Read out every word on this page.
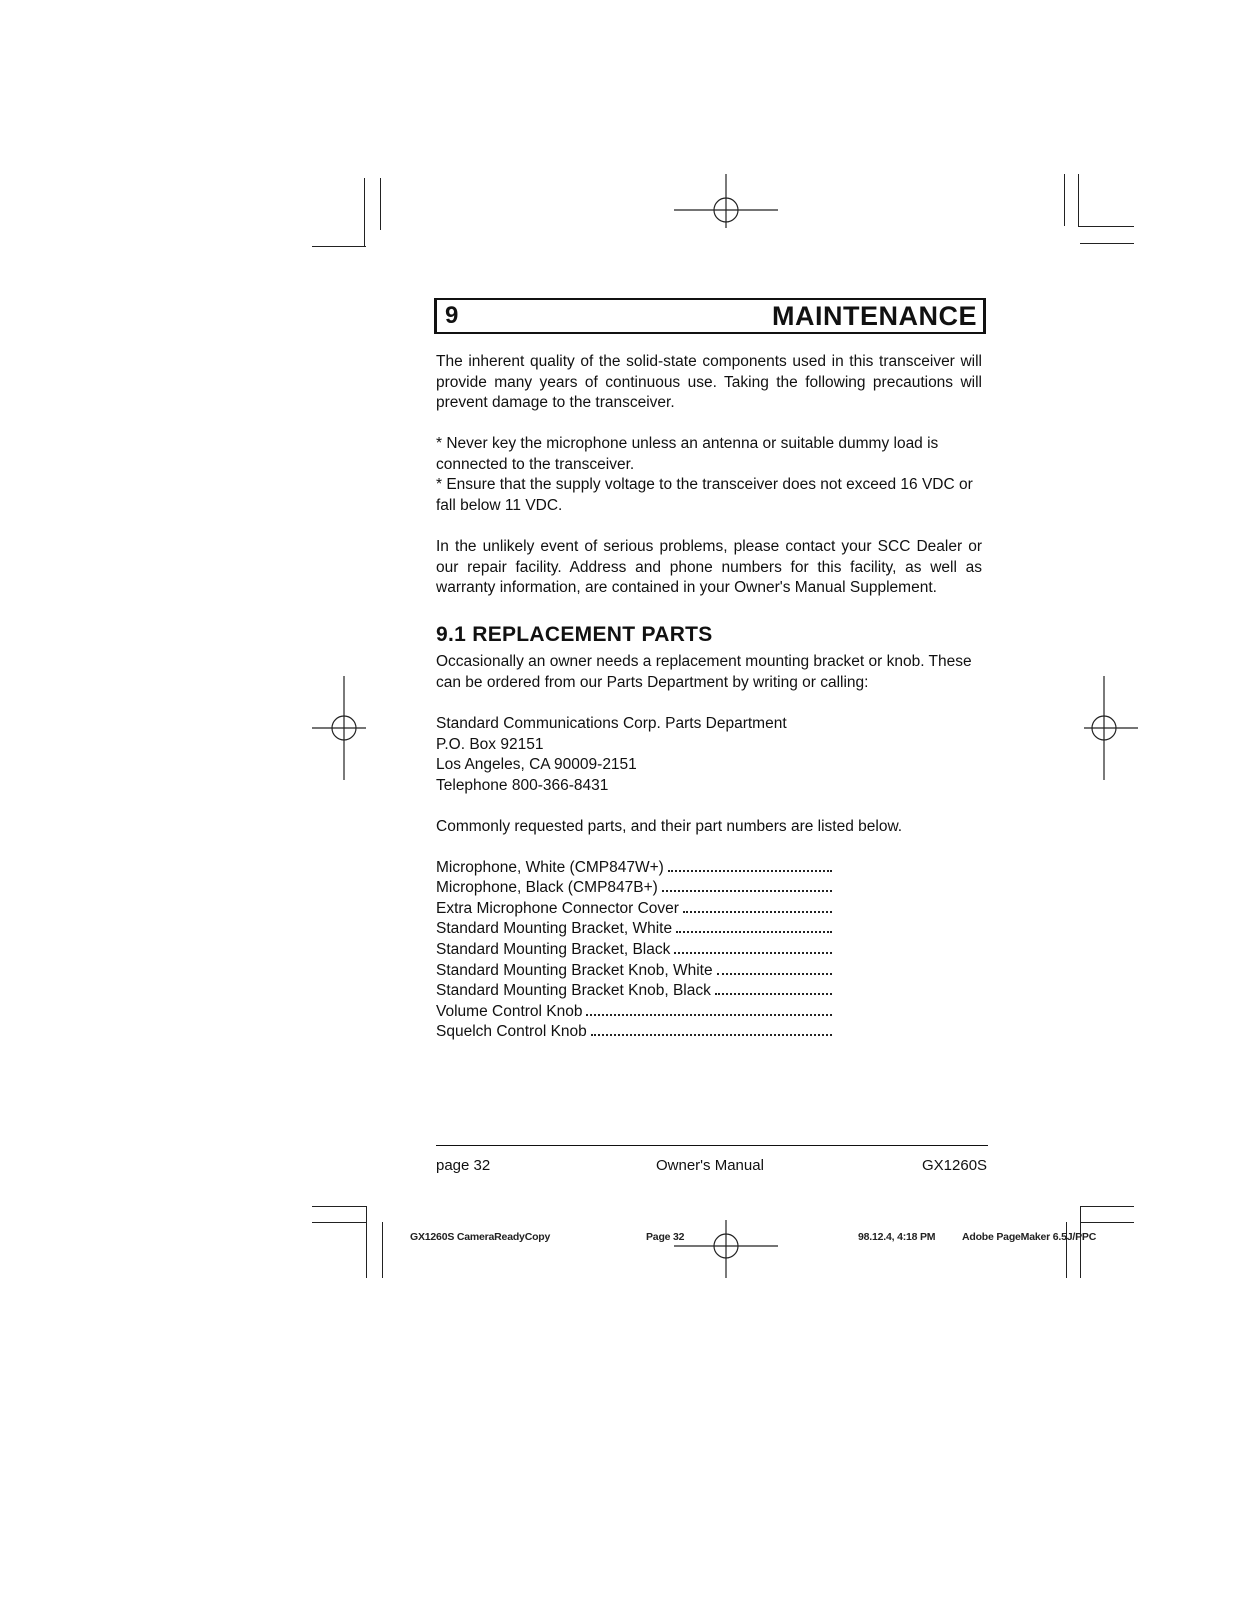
9	MAINTENANCE
The inherent quality of the solid-state components used in this transceiver will provide many years of continuous use. Taking the following precautions will prevent damage to the transceiver.
* Never key the microphone unless an antenna or suitable dummy load is connected to the transceiver.
* Ensure that the supply voltage to the transceiver does not exceed 16 VDC or fall below 11 VDC.
In the unlikely event of serious problems, please contact your SCC Dealer or our repair facility. Address and phone numbers for this facility, as well as warranty information, are contained in your Owner's Manual Supplement.
9.1 REPLACEMENT PARTS
Occasionally an owner needs a replacement mounting bracket or knob. These can be ordered from our Parts Department by writing or calling:
Standard Communications Corp. Parts Department
P.O. Box 92151
Los Angeles, CA 90009-2151
Telephone 800-366-8431
Commonly requested parts, and their part numbers are listed below.
Microphone, White (CMP847W+)
Microphone, Black (CMP847B+)
Extra Microphone Connector Cover
Standard Mounting Bracket, White
Standard Mounting Bracket, Black
Standard Mounting Bracket Knob, White
Standard Mounting Bracket Knob, Black
Volume Control Knob
Squelch Control Knob
page 32	Owner's Manual	GX1260S
GX1260S CameraReadyCopy	Page 32	98.12.4, 4:18 PM	Adobe PageMaker 6.5J/PPC
